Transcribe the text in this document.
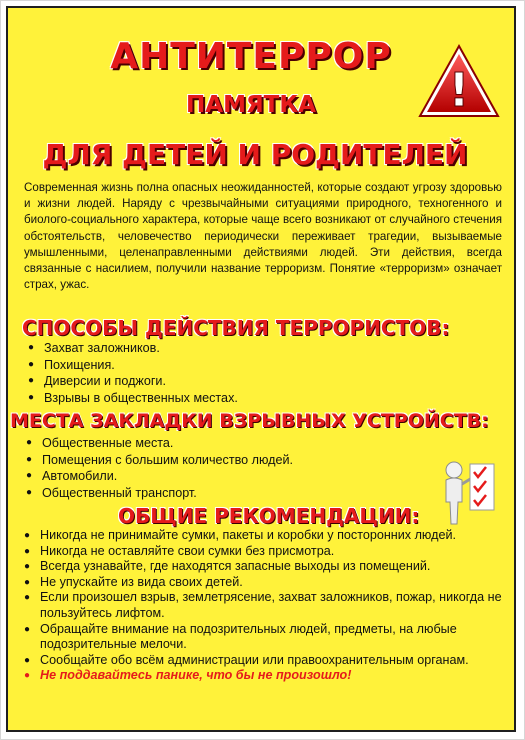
АНТИТЕРРОР
ПАМЯТКА
ДЛЯ ДЕТЕЙ И РОДИТЕЛЕЙ
!
Современная жизнь полна опасных неожиданностей, которые создают угрозу здоровью и жизни людей. Наряду с чрезвычайными ситуациями природного, техногенного и биолого-социального характера, которые чаще всего возникают от случайного стечения обстоятельств, человечество периодически переживает трагедии, вызываемые умышленными, целенаправленными действиями людей. Эти действия, всегда связанные с насилием, получили название терроризм. Понятие «терроризм» означает страх, ужас.
СПОСОБЫ ДЕЙСТВИЯ ТЕРРОРИСТОВ:
● Захват заложников.
● Похищения.
● Диверсии и поджоги.
● Взрывы в общественных местах.
МЕСТА ЗАКЛАДКИ ВЗРЫВНЫХ УСТРОЙСТВ:
● Общественные места.
● Помещения с большим количество людей.
● Автомобили.
● Общественный транспорт.
ОБЩИЕ РЕКОМЕНДАЦИИ:
● Никогда не принимайте сумки, пакеты и коробки у посторонних людей.
● Никогда не оставляйте свои сумки без присмотра.
● Всегда узнавайте, где находятся запасные выходы из помещений.
● Не упускайте из вида своих детей.
● Если произошел взрыв, землетрясение, захват заложников, пожар, никогда не пользуйтесь лифтом.
● Обращайте внимание на подозрительных людей, предметы, на любые подозрительные мелочи.
● Сообщайте обо всём администрации или правоохранительным органам.
● Не поддавайтесь панике, что бы не произошло!
